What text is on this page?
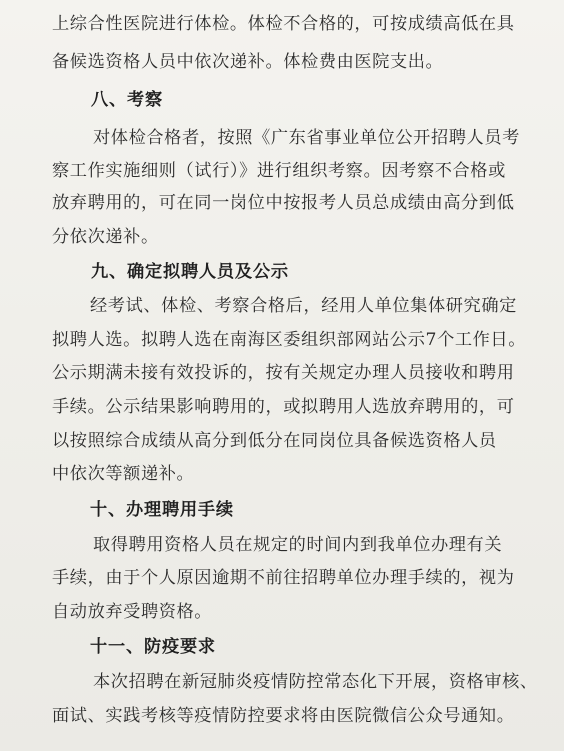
上综合性医院进行体检。体检不合格的，可按成绩高低在具
备候选资格人员中依次递补。体检费由医院支出。
八、考察
对体检合格者，按照《广东省事业单位公开招聘人员考
察工作实施细则（试行）》进行组织考察。因考察不合格或
放弃聘用的，可在同一岗位中按报考人员总成绩由高分到低
分依次递补。
九、确定拟聘人员及公示
经考试、体检、考察合格后，经用人单位集体研究确定
拟聘人选。拟聘人选在南海区委组织部网站公示7个工作日。
公示期满未接有效投诉的，按有关规定办理人员接收和聘用
手续。公示结果影响聘用的，或拟聘用人选放弃聘用的，可
以按照综合成绩从高分到低分在同岗位具备候选资格人员
中依次等额递补。
十、办理聘用手续
取得聘用资格人员在规定的时间内到我单位办理有关
手续，由于个人原因逾期不前往招聘单位办理手续的，视为
自动放弃受聘资格。
十一、防疫要求
本次招聘在新冠肺炎疫情防控常态化下开展，资格审核、
面试、实践考核等疫情防控要求将由医院微信公众号通知。
